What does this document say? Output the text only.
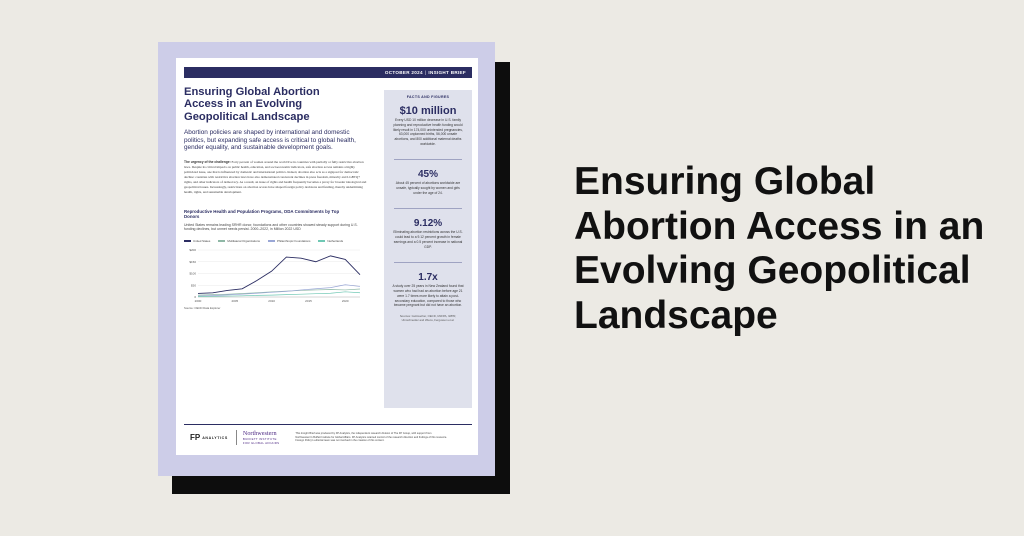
OCTOBER 2024 | INSIGHT BRIEF
Ensuring Global Abortion Access in an Evolving Geopolitical Landscape
Abortion policies are shaped by international and domestic politics, but expanding safe access is critical to global health, gender equality, and sustainable development goals.
The urgency of the challenge: Forty percent of women around the world live in countries with partially or fully restrictive abortion laws. Despite its critical impacts on public health, education, and socioeconomic indicators, safe abortion access remains a highly politicized issue, one that is influenced by domestic and international politics. Indeed, abortion also acts as a signpost for democratic decline: countries with restrictive abortion laws have also demonstrated concurrent declines in press freedom, minority and LGBTQ+ rights, and other indicators of democracy. As a result, an issue of rights and health frequently becomes a proxy for broader ideological and geopolitical issues. Increasingly, restrictions on abortion access have shaped foreign policy decisions and funding, thereby undermining health, rights, and sustainable development.
Reproductive Health and Population Programs, ODA Commitments by Top Donors
United States remains leading SRHR donor, foundations and other countries showed steady support during U.S. funding declines, but unmet needs persist. 2000–2022, in Million 2022 USD
United States	Multilateral Organizations	Philanthropic Foundations	Netherlands
0
$50
$100
$150
$200
2000	2005	2010	2015	2020
Source: OECD Data Explorer
FACTS AND FIGURES
$10 million
Every USD 10 million decrease in U.S. family planning and reproductive health funding would likely result in 174,000 unintended pregnancies, 63,000 unplanned births, 56,000 unsafe abortions, and 800 additional maternal deaths worldwide.
45%
About 45 percent of abortions worldwide are unsafe, typically sought by women and girls under the age of 24.
9.12%
Eliminating abortion restrictions across the U.S. could lead to a 9.12 percent growth in female earnings and a 0.5 percent increase in national GDP.
1.7x
A study over 25 years in New Zealand found that women who had had an abortion before age 21 were 1.7 times more likely to attain a post-secondary education, compared to those who became pregnant but did not have an abortion.
Sources: Guttmacher, OECD, UNFPA, IWPR, Ulmschneider and Wiens, Fergusson et al.
FP ANALYTICS
Northwestern
BUFFETT INSTITUTE
FOR GLOBAL AFFAIRS
This Insight Brief was produced by FP Analytics, the independent research division of The FP Group, with support from Northwestern's Buffett Institute for Global Affairs. FP Analytics retained control of the research direction and findings of this resource. Foreign Policy's editorial team was not involved in the creation of this content.
Ensuring Global Abortion Access in an Evolving Geopolitical Landscape
